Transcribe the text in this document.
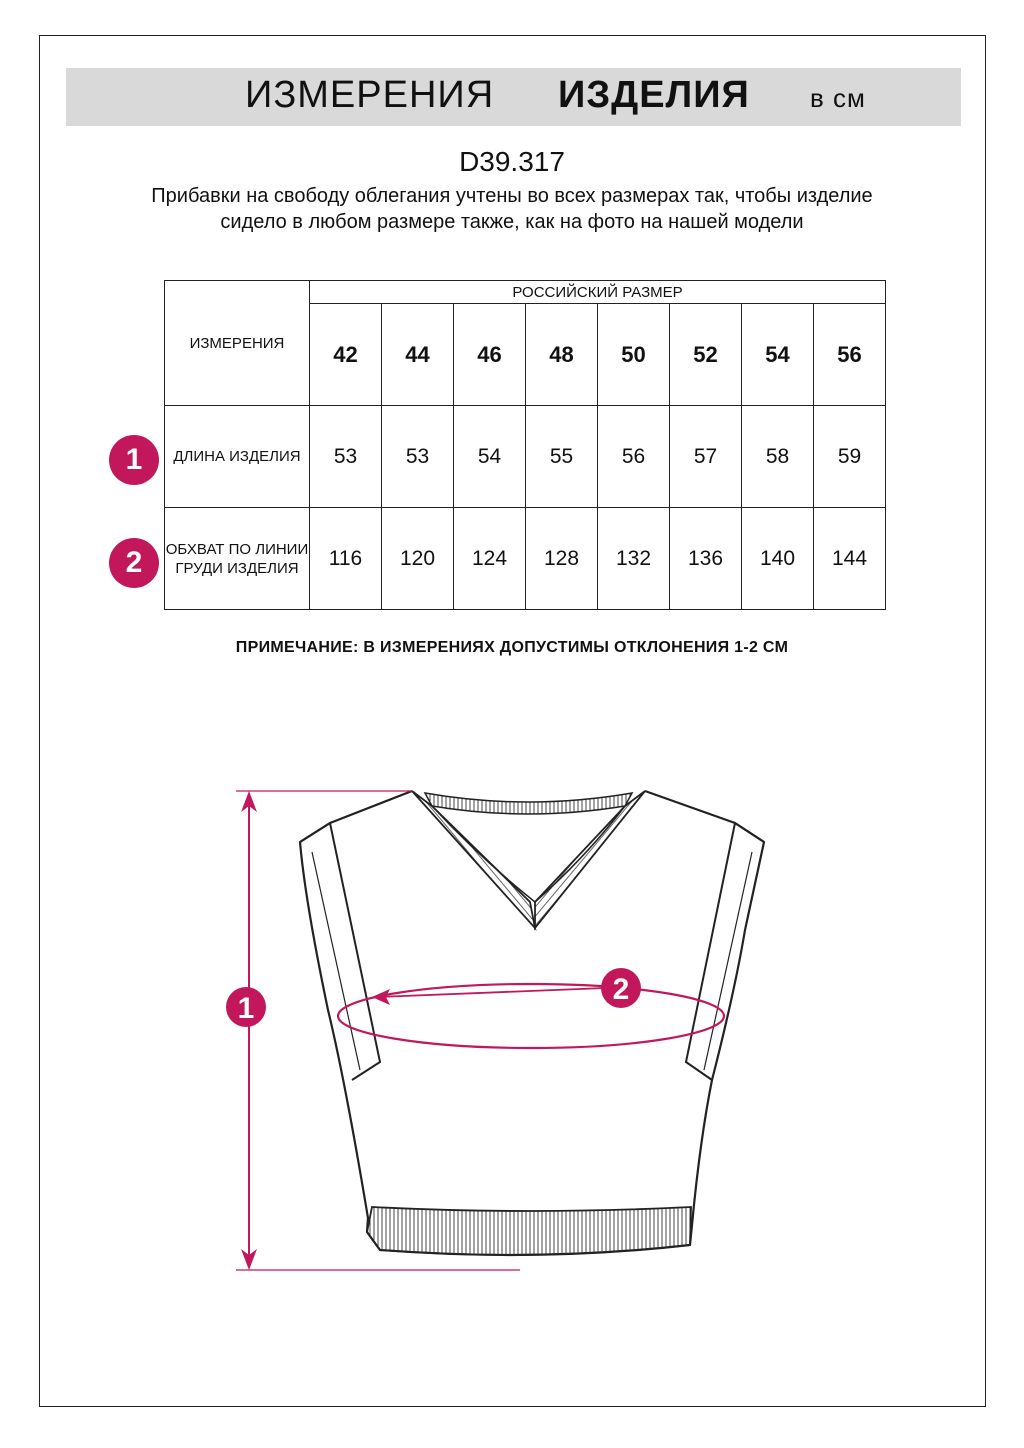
ИЗМЕРЕНИЯ ИЗДЕЛИЯ в см
D39.317
Прибавки на свободу облегания учтены во всех размерах так, чтобы изделие сидело в любом размере также, как на фото на нашей модели
ИЗМЕРЕНИЯ	РОССИЙСКИЙ РАЗМЕР							
	42	44	46	48	50	52	54	56
ДЛИНА ИЗДЕЛИЯ	53	53	54	55	56	57	58	59
ОБХВАТ ПО ЛИНИИ ГРУДИ ИЗДЕЛИЯ	116	120	124	128	132	136	140	144
1
2
ПРИМЕЧАНИЕ: В ИЗМЕРЕНИЯХ ДОПУСТИМЫ ОТКЛОНЕНИЯ 1-2 СМ
1
2
